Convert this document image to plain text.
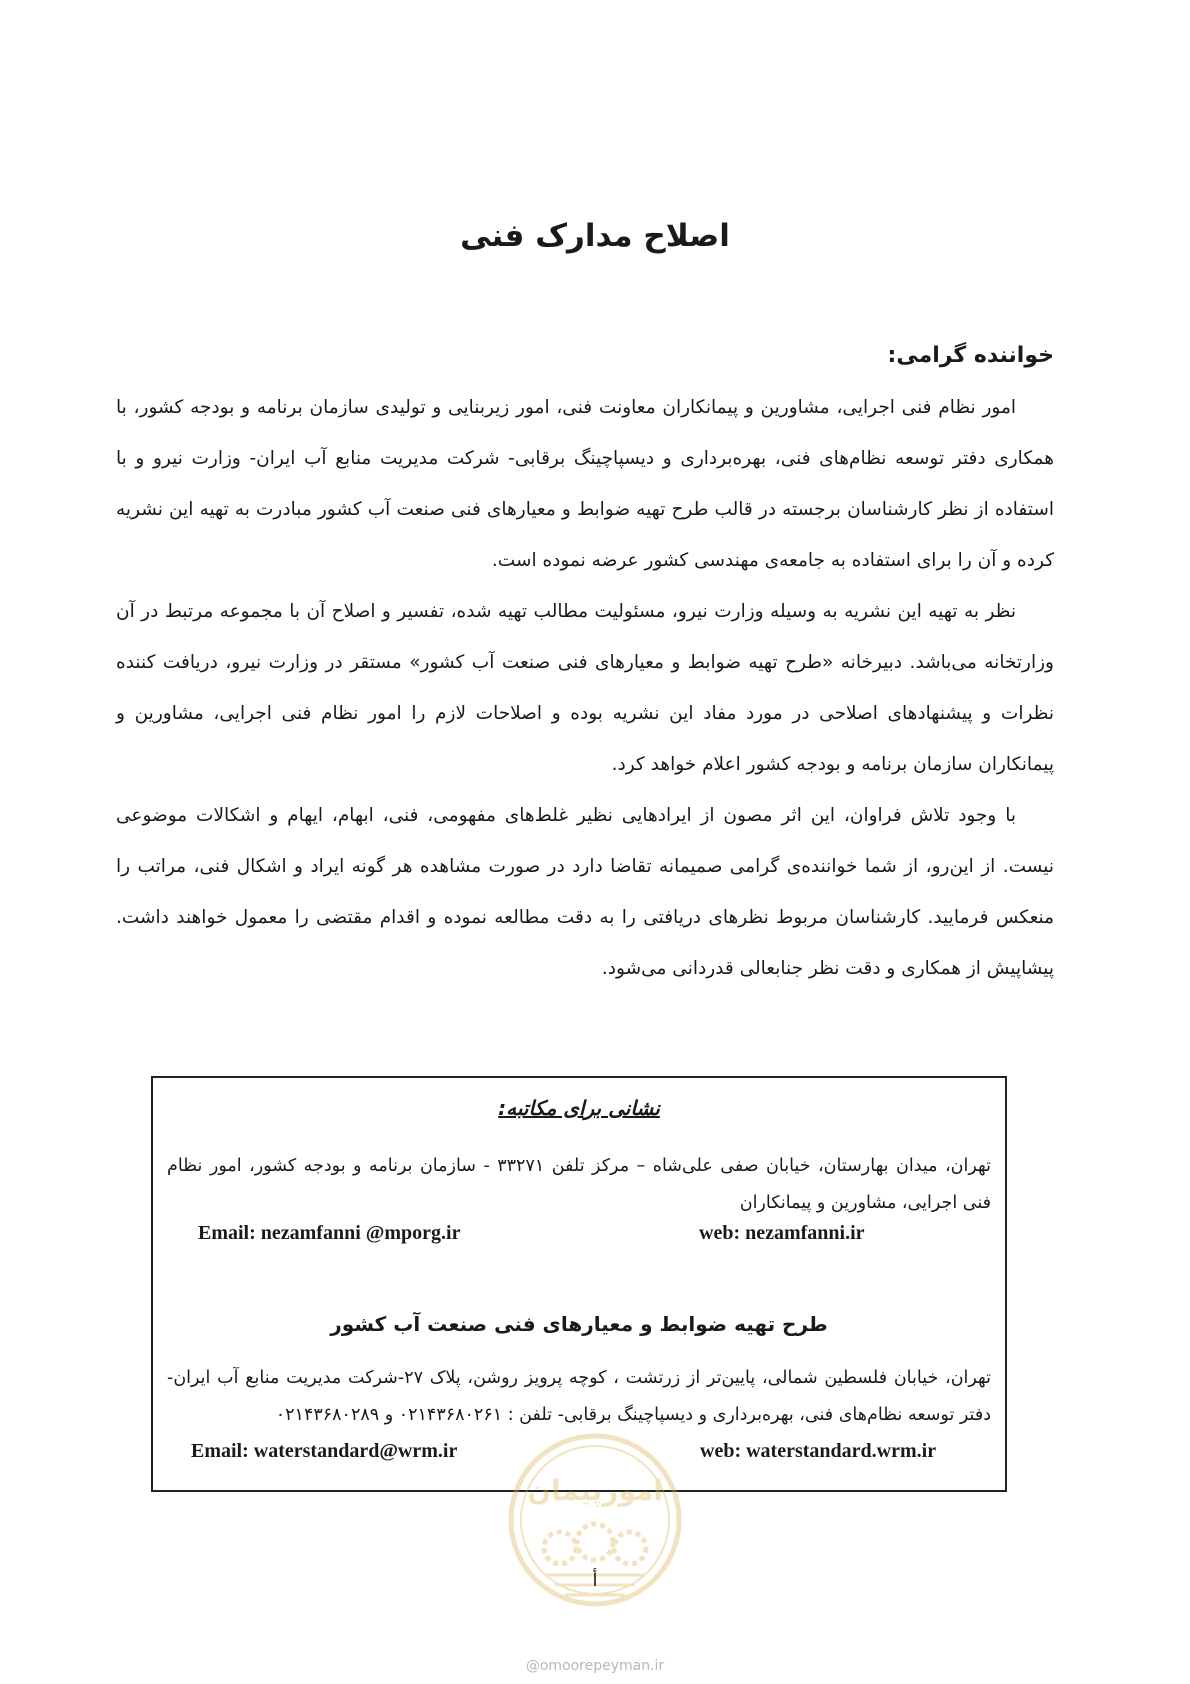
اصلاح مدارک فنی

خواننده گرامی:

امور نظام فنی اجرایی، مشاورین و پیمانکاران معاونت فنی، امور زیربنایی و تولیدی سازمان برنامه و بودجه کشور، با همکاری دفتر توسعه نظام‌های فنی، بهره‌برداری و دیسپاچینگ برقابی- شرکت مدیریت منابع آب ایران- وزارت نیرو و با استفاده از نظر کارشناسان برجسته در قالب طرح تهیه ضوابط و معیارهای فنی صنعت آب کشور مبادرت به تهیه این نشریه کرده و آن را برای استفاده به جامعه‌ی مهندسی کشور عرضه نموده است.

نظر به تهیه این نشریه به وسیله وزارت نیرو، مسئولیت مطالب تهیه شده، تفسیر و اصلاح آن با مجموعه مرتبط در آن وزارتخانه می‌باشد. دبیرخانه «طرح تهیه ضوابط و معیارهای فنی صنعت آب کشور» مستقر در وزارت نیرو، دریافت کننده نظرات و پیشنهادهای اصلاحی در مورد مفاد این نشریه بوده و اصلاحات لازم را امور نظام فنی اجرایی، مشاورین و پیمانکاران سازمان برنامه و بودجه کشور اعلام خواهد کرد.

با وجود تلاش فراوان، این اثر مصون از ایرادهایی نظیر غلط‌های مفهومی، فنی، ابهام، ایهام و اشکالات موضوعی نیست. از این‌رو، از شما خواننده‌ی گرامی صمیمانه تقاضا دارد در صورت مشاهده هر گونه ایراد و اشکال فنی، مراتب را منعکس فرمایید. کارشناسان مربوط نظرهای دریافتی را به دقت مطالعه نموده و اقدام مقتضی را معمول خواهند داشت. پیشاپیش از همکاری و دقت نظر جنابعالی قدردانی می‌شود.

نشانی برای مکاتبه:
تهران، میدان بهارستان، خیابان صفی علی‌شاه – مرکز تلفن ۳۳۲۷۱ - سازمان برنامه و بودجه کشور، امور نظام فنی اجرایی، مشاورین و پیمانکاران
Email: nezamfanni @mporg.ir	web: nezamfanni.ir
طرح تهیه ضوابط و معیارهای فنی صنعت آب کشور
تهران، خیابان فلسطین شمالی، پایین‌تر از زرتشت ، کوچه پرویز روشن، پلاک ۲۷-شرکت مدیریت منابع آب ایران- دفتر توسعه نظام‌های فنی، بهره‌برداری و دیسپاچینگ برقابی- تلفن : ۰۲۱۴۳۶۸۰۲۶۱ و ۰۲۱۴۳۶۸۰۲۸۹
Email: waterstandard@wrm.ir	web: waterstandard.wrm.ir
امورپیمان
أ
@omoorepeyman.ir
